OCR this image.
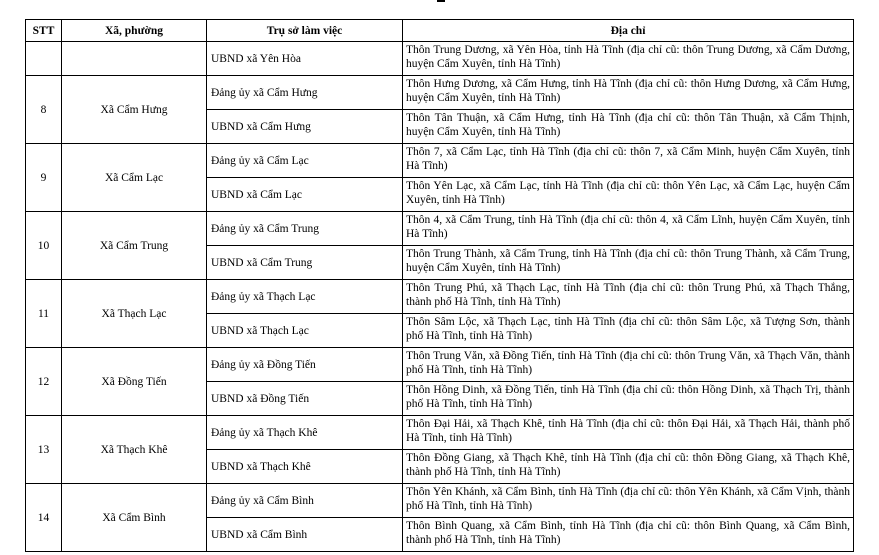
STT	Xã, phường	Trụ sở làm việc	Địa chỉ
		UBND xã Yên Hòa	Thôn Trung Dương, xã Yên Hòa, tỉnh Hà Tĩnh (địa chỉ cũ: thôn Trung Dương, xã Cẩm Dương, huyện Cẩm Xuyên, tỉnh Hà Tĩnh)
8	Xã Cẩm Hưng	Đảng ủy xã Cẩm Hưng	Thôn Hưng Dương, xã Cẩm Hưng, tỉnh Hà Tĩnh (địa chỉ cũ: thôn Hưng Dương, xã Cẩm Hưng, huyện Cẩm Xuyên, tỉnh Hà Tĩnh)
		UBND xã Cẩm Hưng	Thôn Tân Thuận, xã Cẩm Hưng, tỉnh Hà Tĩnh (địa chỉ cũ: thôn Tân Thuận, xã Cẩm Thịnh, huyện Cẩm Xuyên, tỉnh Hà Tĩnh)
9	Xã Cẩm Lạc	Đảng ủy xã Cẩm Lạc	Thôn 7, xã Cẩm Lạc, tỉnh Hà Tĩnh (địa chỉ cũ: thôn 7, xã Cẩm Minh, huyện Cẩm Xuyên, tỉnh Hà Tĩnh)
		UBND xã Cẩm Lạc	Thôn Yên Lạc, xã Cẩm Lạc, tỉnh Hà Tĩnh (địa chỉ cũ: thôn Yên Lạc, xã Cẩm Lạc, huyện Cẩm Xuyên, tỉnh Hà Tĩnh)
10	Xã Cẩm Trung	Đảng ủy xã Cẩm Trung	Thôn 4, xã Cẩm Trung, tỉnh Hà Tĩnh (địa chỉ cũ: thôn 4, xã Cẩm Lĩnh, huyện Cẩm Xuyên, tỉnh Hà Tĩnh)
		UBND xã Cẩm Trung	Thôn Trung Thành, xã Cẩm Trung, tỉnh Hà Tĩnh (địa chỉ cũ: thôn Trung Thành, xã Cẩm Trung, huyện Cẩm Xuyên, tỉnh Hà Tĩnh)
11	Xã Thạch Lạc	Đảng ủy xã Thạch Lạc	Thôn Trung Phú, xã Thạch Lạc, tỉnh Hà Tĩnh (địa chỉ cũ: thôn Trung Phú, xã Thạch Thắng, thành phố Hà Tĩnh, tỉnh Hà Tĩnh)
		UBND xã Thạch Lạc	Thôn Sâm Lộc, xã Thạch Lạc, tỉnh Hà Tĩnh (địa chỉ cũ: thôn Sâm Lộc, xã Tượng Sơn, thành phố Hà Tĩnh, tỉnh Hà Tĩnh)
12	Xã Đồng Tiến	Đảng ủy xã Đồng Tiến	Thôn Trung Văn, xã Đồng Tiến, tỉnh Hà Tĩnh (địa chỉ cũ: thôn Trung Văn, xã Thạch Văn, thành phố Hà Tĩnh, tỉnh Hà Tĩnh)
		UBND xã Đồng Tiến	Thôn Hồng Dinh, xã Đồng Tiến, tỉnh Hà Tĩnh (địa chỉ cũ: thôn Hồng Dinh, xã Thạch Trị, thành phố Hà Tĩnh, tỉnh Hà Tĩnh)
13	Xã Thạch Khê	Đảng ủy xã Thạch Khê	Thôn Đại Hải, xã Thạch Khê, tỉnh Hà Tĩnh (địa chỉ cũ: thôn Đại Hải, xã Thạch Hải, thành phố Hà Tĩnh, tỉnh Hà Tĩnh)
		UBND xã Thạch Khê	Thôn Đồng Giang, xã Thạch Khê, tỉnh Hà Tĩnh (địa chỉ cũ: thôn Đồng Giang, xã Thạch Khê, thành phố Hà Tĩnh, tỉnh Hà Tĩnh)
14	Xã Cẩm Bình	Đảng ủy xã Cẩm Bình	Thôn Yên Khánh, xã Cẩm Bình, tỉnh Hà Tĩnh (địa chỉ cũ: thôn Yên Khánh, xã Cẩm Vịnh, thành phố Hà Tĩnh, tỉnh Hà Tĩnh)
		UBND xã Cẩm Bình	Thôn Bình Quang, xã Cẩm Bình, tỉnh Hà Tĩnh (địa chỉ cũ: thôn Bình Quang, xã Cẩm Bình, thành phố Hà Tĩnh, tỉnh Hà Tĩnh)
